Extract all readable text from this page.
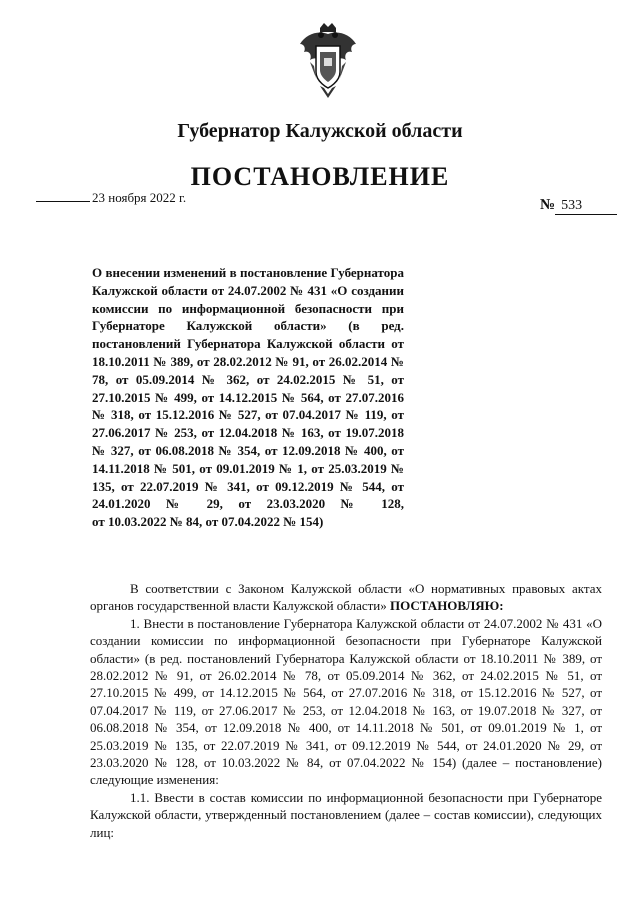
Губернатор Калужской области
ПОСТАНОВЛЕНИЕ
23 ноября 2022 г.	№ 533
О внесении изменений в постановление Губернатора Калужской области от 24.07.2002 № 431 «О создании комиссии по информационной безопасности при Губернаторе Калужской области» (в ред. постановлений Губернатора Калужской области от 18.10.2011 № 389, от 28.02.2012 № 91, от 26.02.2014 № 78, от 05.09.2014 № 362, от 24.02.2015 № 51, от 27.10.2015 № 499, от 14.12.2015 № 564, от 27.07.2016 № 318, от 15.12.2016 № 527, от 07.04.2017 № 119, от 27.06.2017 № 253, от 12.04.2018 № 163, от 19.07.2018 № 327, от 06.08.2018 № 354, от 12.09.2018 № 400, от 14.11.2018 № 501, от 09.01.2019 № 1, от 25.03.2019 № 135, от 22.07.2019 № 341, от 09.12.2019 № 544, от 24.01.2020 № 29, от 23.03.2020 № 128,
от 10.03.2022 № 84, от 07.04.2022 № 154)

В соответствии с Законом Калужской области «О нормативных правовых актах органов государственной власти Калужской области» ПОСТАНОВЛЯЮ:

1. Внести в постановление Губернатора Калужской области от 24.07.2002 № 431 «О создании комиссии по информационной безопасности при Губернаторе Калужской области» (в ред. постановлений Губернатора Калужской области от 18.10.2011 № 389, от 28.02.2012 № 91, от 26.02.2014 № 78, от 05.09.2014 № 362, от 24.02.2015 № 51, от 27.10.2015 № 499, от 14.12.2015 № 564, от 27.07.2016 № 318, от 15.12.2016 № 527, от 07.04.2017 № 119, от 27.06.2017 № 253, от 12.04.2018 № 163, от 19.07.2018 № 327, от 06.08.2018 № 354, от 12.09.2018 № 400, от 14.11.2018 № 501, от 09.01.2019 № 1, от 25.03.2019 № 135, от 22.07.2019 № 341, от 09.12.2019 № 544, от 24.01.2020 № 29, от 23.03.2020 № 128, от 10.03.2022 № 84, от 07.04.2022 № 154) (далее – постановление) следующие изменения:

1.1. Ввести в состав комиссии по информационной безопасности при Губернаторе Калужской области, утвержденный постановлением (далее – состав комиссии), следующих лиц:
